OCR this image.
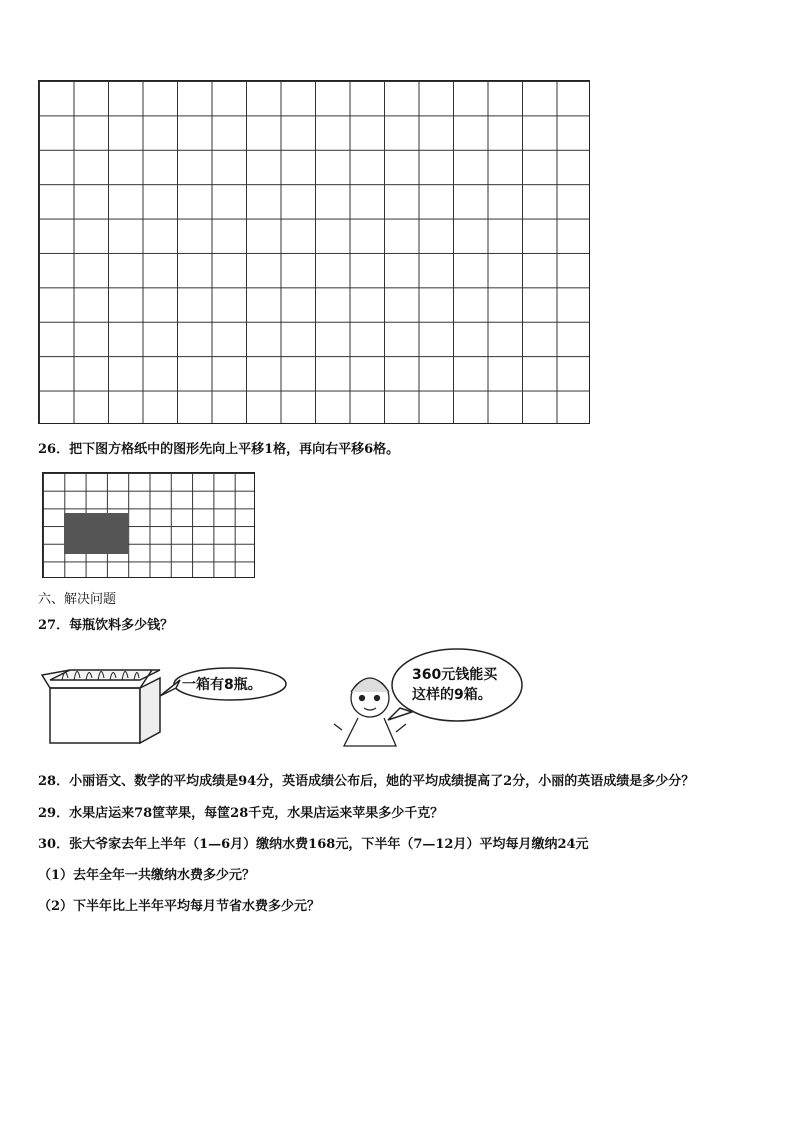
26．把下图方格纸中的图形先向上平移1格，再向右平移6格。
六、解决问题
27．每瓶饮料多少钱？
一箱有8瓶。
360元钱能买
这样的9箱。
28．小丽语文、数学的平均成绩是94分，英语成绩公布后，她的平均成绩提高了2分，小丽的英语成绩是多少分？
29．水果店运来78筐苹果，每筐28千克，水果店运来苹果多少千克？
30．张大爷家去年上半年（1—6月）缴纳水费168元，下半年（7—12月）平均每月缴纳24元
（1）去年全年一共缴纳水费多少元？
（2）下半年比上半年平均每月节省水费多少元？
